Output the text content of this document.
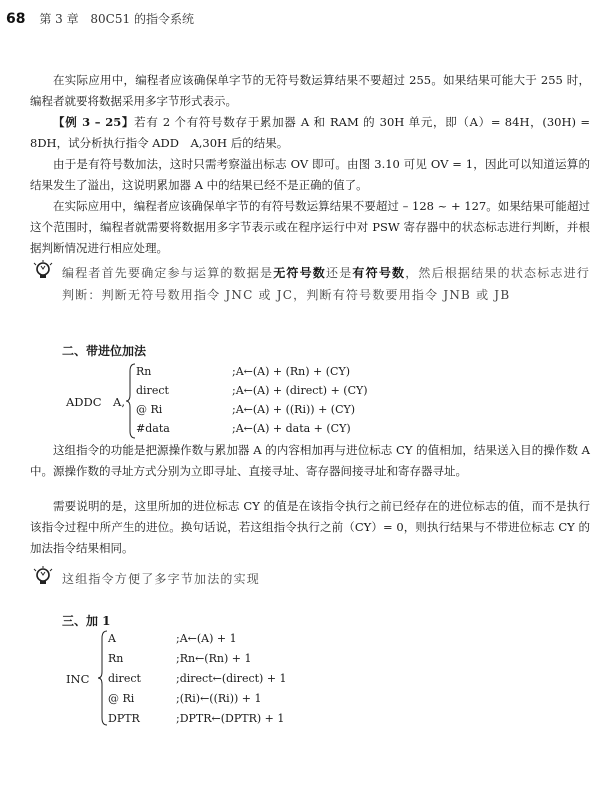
68 第 3 章 80C51 的指令系统
在实际应用中，编程者应该确保单字节的无符号数运算结果不要超过 255。如果结果可能大于 255 时，编程者就要将数据采用多字节形式表示。
【例 3 – 25】若有 2 个有符号数存于累加器 A 和 RAM 的 30H 单元，即（A）= 84H，(30H) = 8DH，试分析执行指令 ADD　A,30H 后的结果。
由于是有符号数加法，这时只需考察溢出标志 OV 即可。由图 3.10 可见 OV = 1，因此可以知道运算的结果发生了溢出，这说明累加器 A 中的结果已经不是正确的值了。
在实际应用中，编程者应该确保单字节的有符号数运算结果不要超过 – 128 ~ + 127。如果结果可能超过这个范围时，编程者就需要将数据用多字节表示或在程序运行中对 PSW 寄存器中的状态标志进行判断，并根据判断情况进行相应处理。
编程者首先要确定参与运算的数据是无符号数还是有符号数，然后根据结果的状态标志进行判断：判断无符号数用指令 JNC 或 JC，判断有符号数要用指令 JNB 或 JB
二、带进位加法
ADDC　A,
Rn	;A←(A) + (Rn) + (CY)
direct	;A←(A) + (direct) + (CY)
@ Ri	;A←(A) + ((Ri)) + (CY)
#data	;A←(A) + data + (CY)
这组指令的功能是把源操作数与累加器 A 的内容相加再与进位标志 CY 的值相加，结果送入目的操作数 A 中。源操作数的寻址方式分别为立即寻址、直接寻址、寄存器间接寻址和寄存器寻址。
需要说明的是，这里所加的进位标志 CY 的值是在该指令执行之前已经存在的进位标志的值，而不是执行该指令过程中所产生的进位。换句话说，若这组指令执行之前（CY）= 0，则执行结果与不带进位标志 CY 的加法指令结果相同。
这组指令方便了多字节加法的实现
三、加 1
INC
A	;A←(A) + 1
Rn	;Rn←(Rn) + 1
direct	;direct←(direct) + 1
@ Ri	;(Ri)←((Ri)) + 1
DPTR	;DPTR←(DPTR) + 1
